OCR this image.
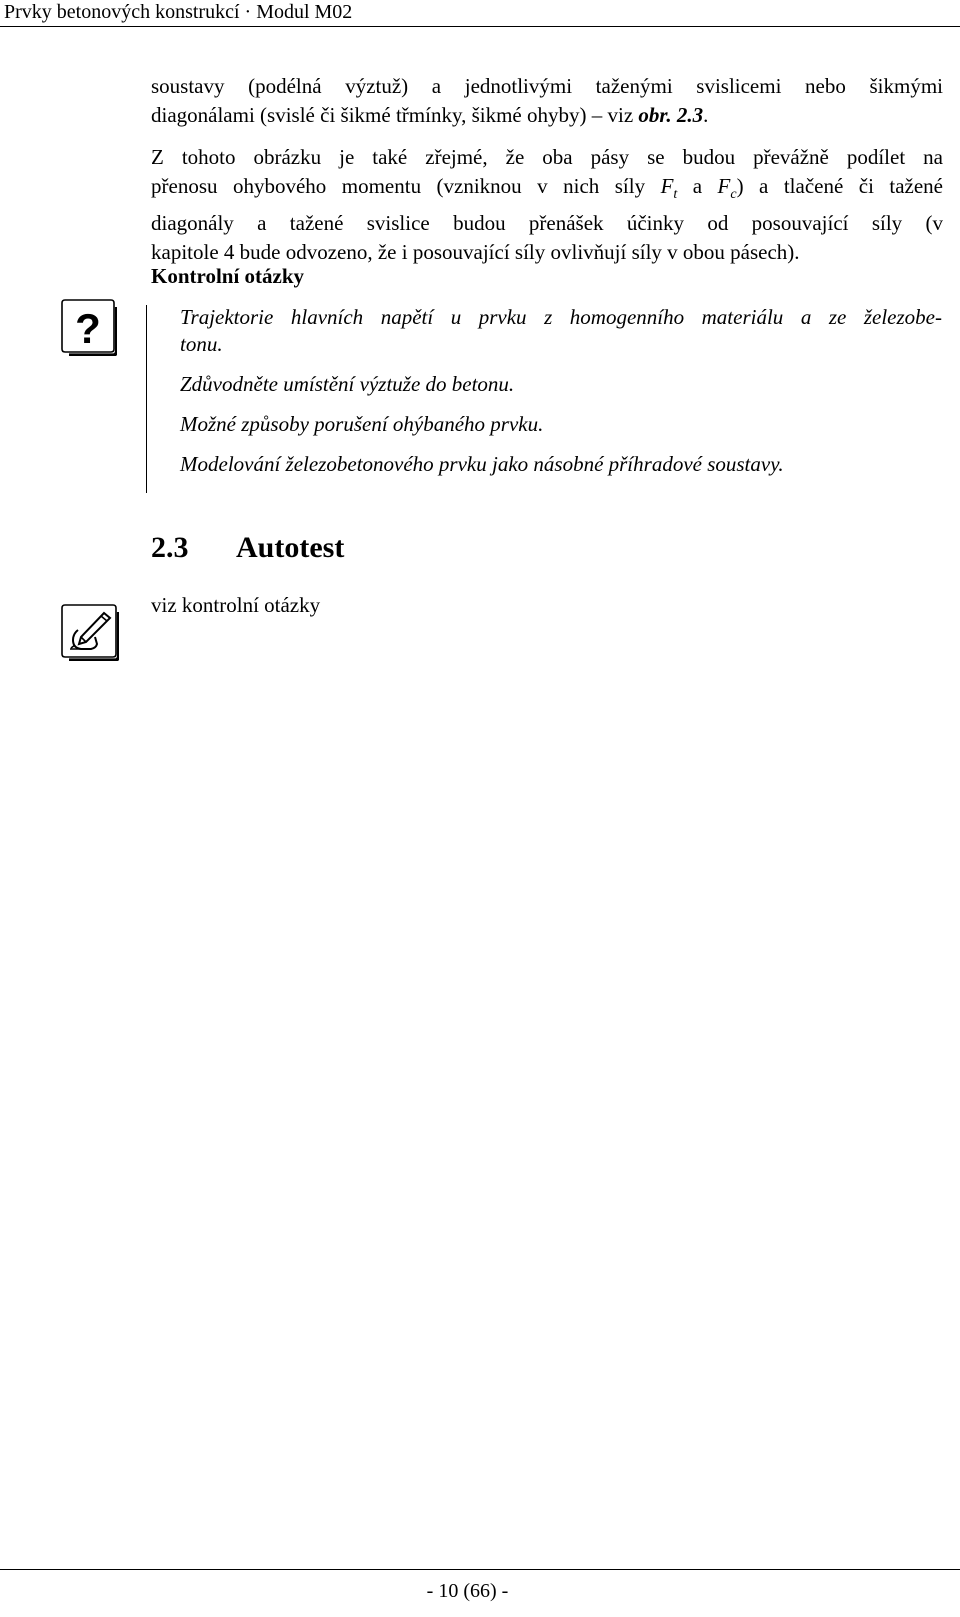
Prvky betonových konstrukcí · Modul M02
soustavy (podélná výztuž) a jednotlivými taženými svislicemi nebo šikmými
diagonálami (svislé či šikmé třmínky, šikmé ohyby) – viz obr. 2.3.
Z tohoto obrázku je také zřejmé, že oba pásy se budou převážně podílet na
přenosu ohybového momentu (vzniknou v nich síly $F_t$ a $F_c$) a tlačené či tažené
diagonály a tažené svislice budou přenášek účinky od posouvající síly (v
kapitole 4 bude odvozeno, že i posouvající síly ovlivňují síly v obou pásech).
Kontrolní otázky
?	Trajektorie hlavních napětí u prvku z homogenního materiálu a ze železobe-
tonu.
Zdůvodněte umístění výztuže do betonu.
Možné způsoby porušení ohýbaného prvku.
Modelování železobetonového prvku jako násobné příhradové soustavy.
2.3 Autotest
viz kontrolní otázky
- 10 (66) -
